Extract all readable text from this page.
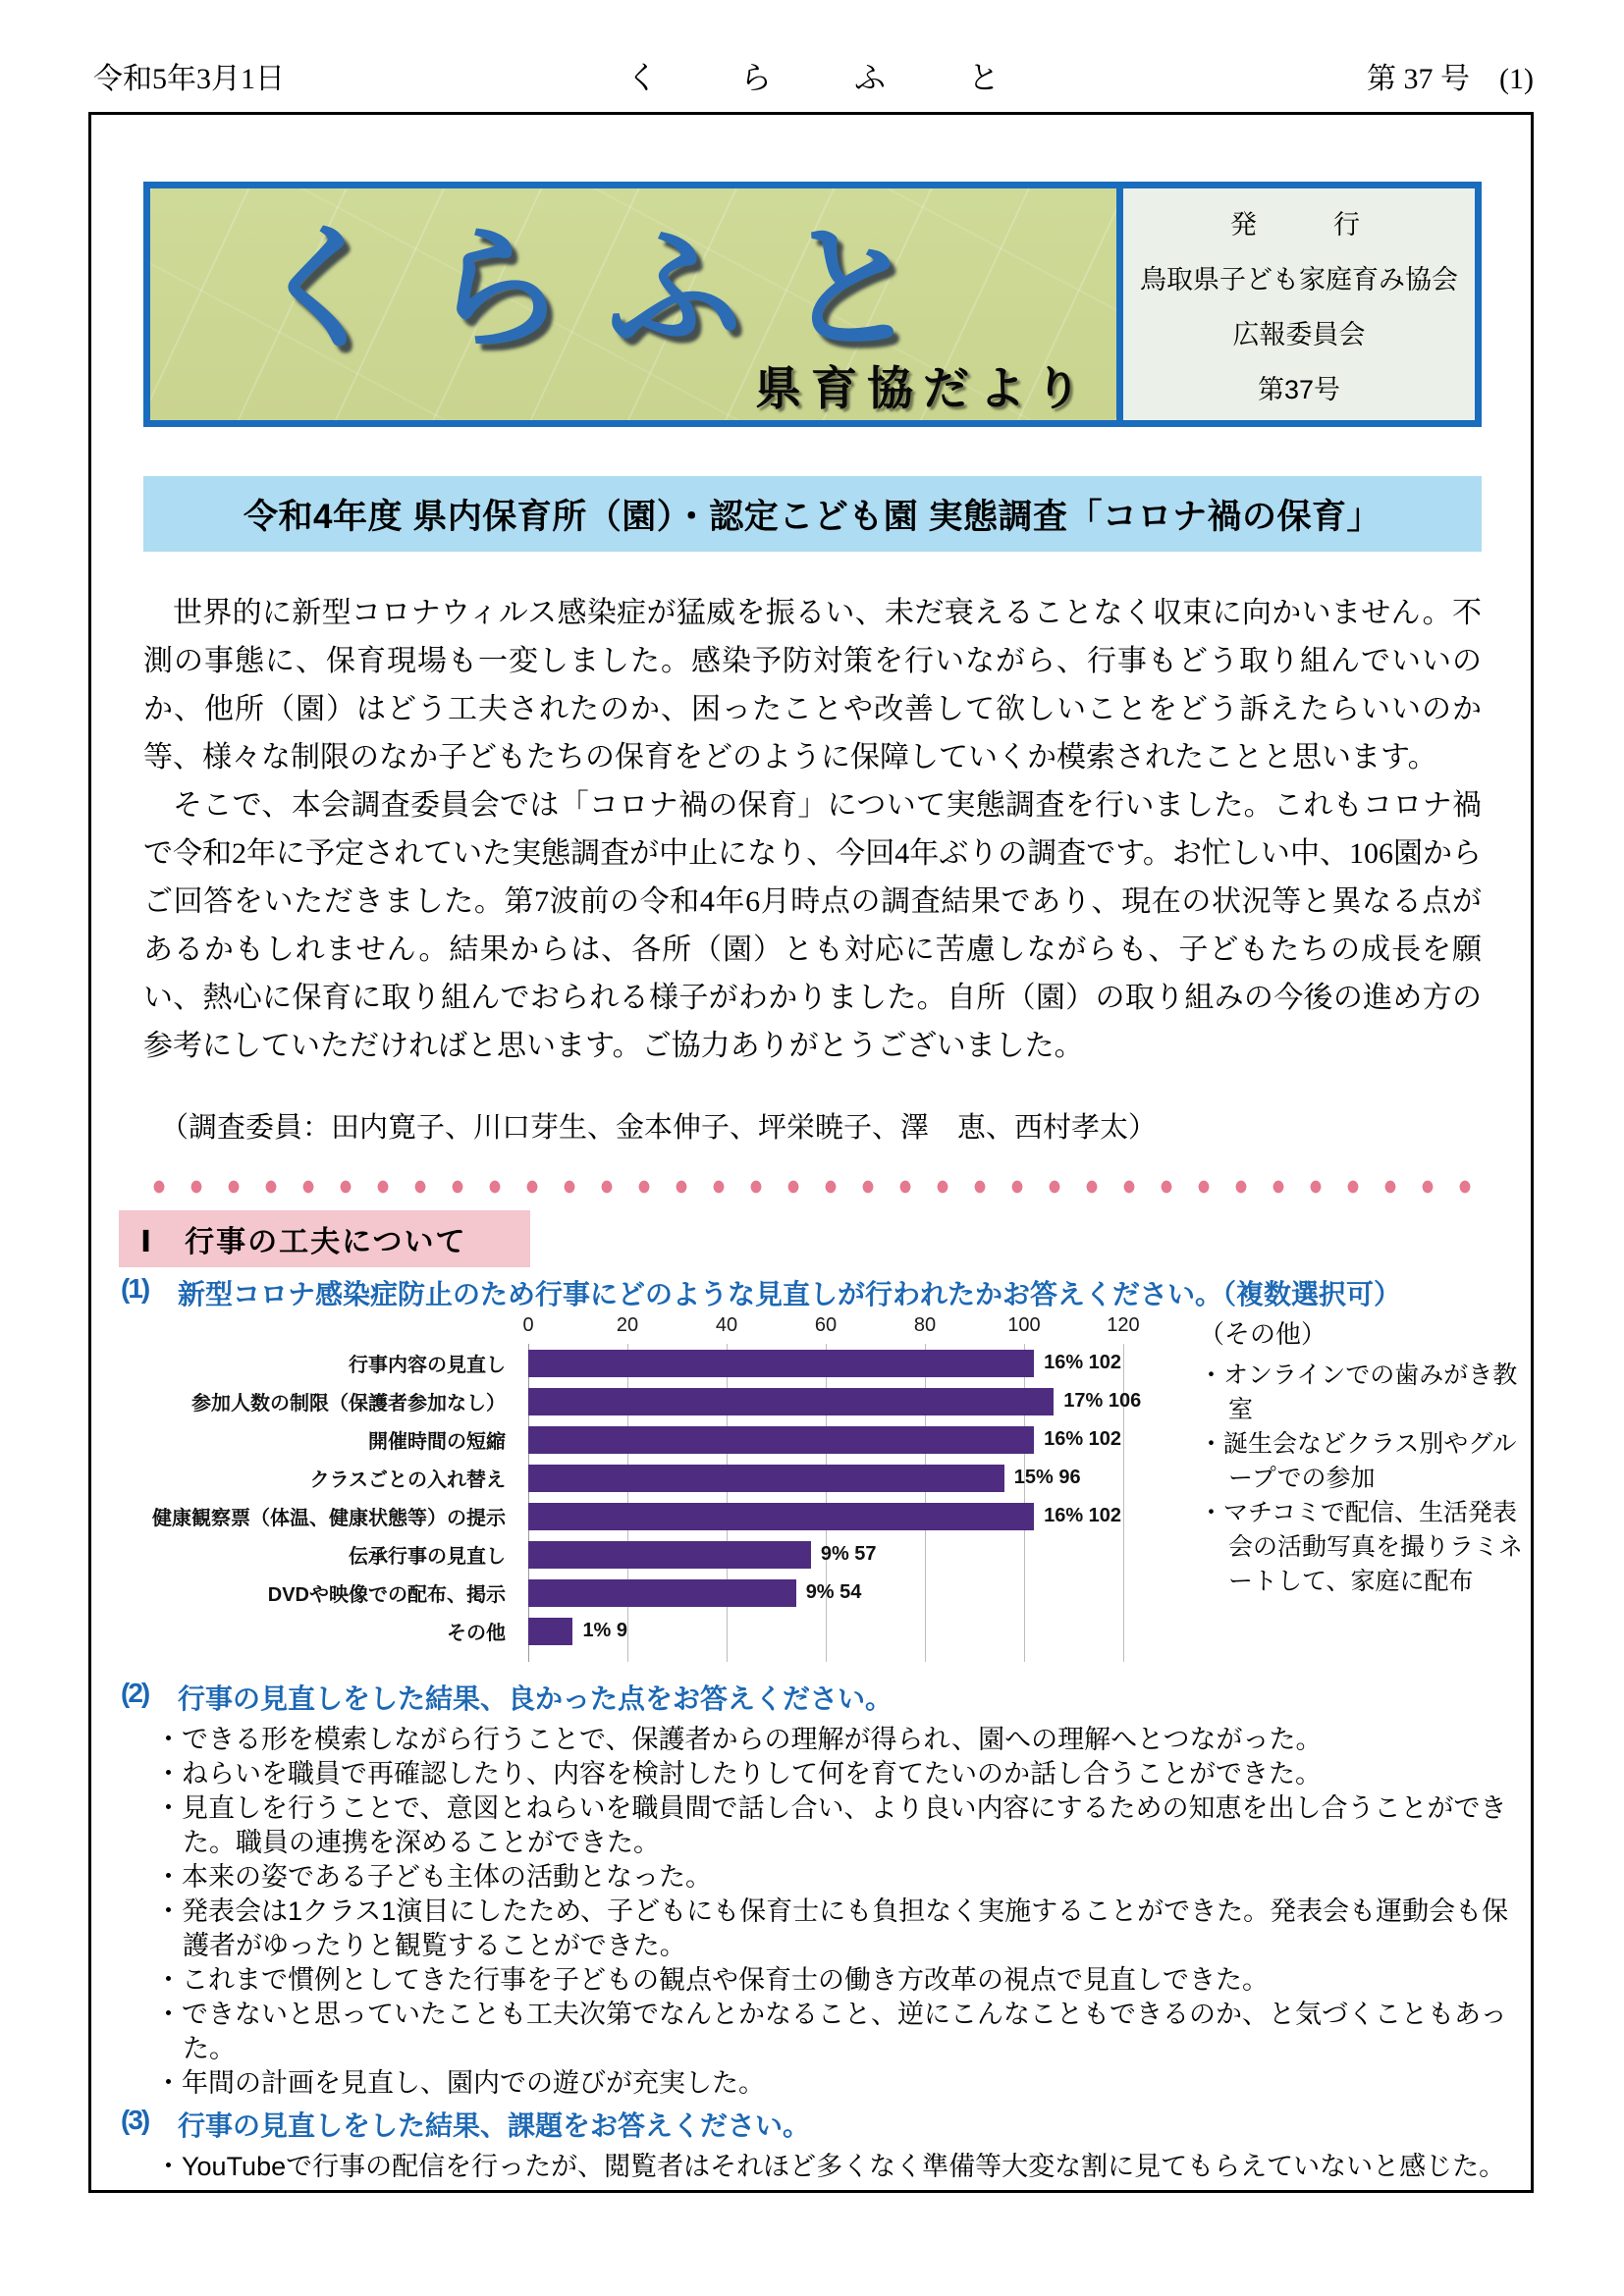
令和5年3月1日	く　ら　ふ　と	第 37 号　(1)
くらふと
県育協だより
発　　行
鳥取県子ども家庭育み協会
広報委員会
第37号
令和4年度 県内保育所（園）・認定こども園 実態調査「コロナ禍の保育」

世界的に新型コロナウィルス感染症が猛威を振るい、未だ衰えることなく収束に向かいません。不測の事態に、保育現場も一変しました。感染予防対策を行いながら、行事もどう取り組んでいいのか、他所（園）はどう工夫されたのか、困ったことや改善して欲しいことをどう訴えたらいいのか等、様々な制限のなか子どもたちの保育をどのように保障していくか模索されたことと思います。

そこで、本会調査委員会では「コロナ禍の保育」について実態調査を行いました。これもコロナ禍で令和2年に予定されていた実態調査が中止になり、今回4年ぶりの調査です。お忙しい中、106園からご回答をいただきました。第7波前の令和4年6月時点の調査結果であり、現在の状況等と異なる点があるかもしれません。結果からは、各所（園）とも対応に苦慮しながらも、子どもたちの成長を願い、熱心に保育に取り組んでおられる様子がわかりました。自所（園）の取り組みの今後の進め方の参考にしていただければと思います。ご協力ありがとうございました。

（調査委員：田内寛子、川口芽生、金本伸子、坪栄暁子、澤　恵、西村孝太）
Ⅰ　行事の工夫について
(1)	新型コロナ感染症防止のため行事にどのような見直しが行われたかお答えください。（複数選択可）
0	20	40	60	80	100	120
行事内容の見直し	16% 102
参加人数の制限（保護者参加なし）	17% 106
開催時間の短縮	16% 102
クラスごとの入れ替え	15% 96
健康観察票（体温、健康状態等）の提示	16% 102
伝承行事の見直し	9% 57
DVDや映像での配布、掲示	9% 54
その他	1% 9
（その他）
・ オンラインでの歯みがき教室
・ 誕生会などクラス別やグループでの参加
・ マチコミで配信、生活発表会の活動写真を撮りラミネートして、家庭に配布
(2)	行事の見直しをした結果、良かった点をお答えください。
・ できる形を模索しながら行うことで、保護者からの理解が得られ、園への理解へとつながった。
・ ねらいを職員で再確認したり、内容を検討したりして何を育てたいのか話し合うことができた。
・ 見直しを行うことで、意図とねらいを職員間で話し合い、より良い内容にするための知恵を出し合うことができた。職員の連携を深めることができた。
・ 本来の姿である子ども主体の活動となった。
・ 発表会は1クラス1演目にしたため、子どもにも保育士にも負担なく実施することができた。発表会も運動会も保護者がゆったりと観覧することができた。
・ これまで慣例としてきた行事を子どもの観点や保育士の働き方改革の視点で見直しできた。
・ できないと思っていたことも工夫次第でなんとかなること、逆にこんなこともできるのか、と気づくこともあった。
・ 年間の計画を見直し、園内での遊びが充実した。
(3)	行事の見直しをした結果、課題をお答えください。
・ YouTubeで行事の配信を行ったが、閲覧者はそれほど多くなく準備等大変な割に見てもらえていないと感じた。
